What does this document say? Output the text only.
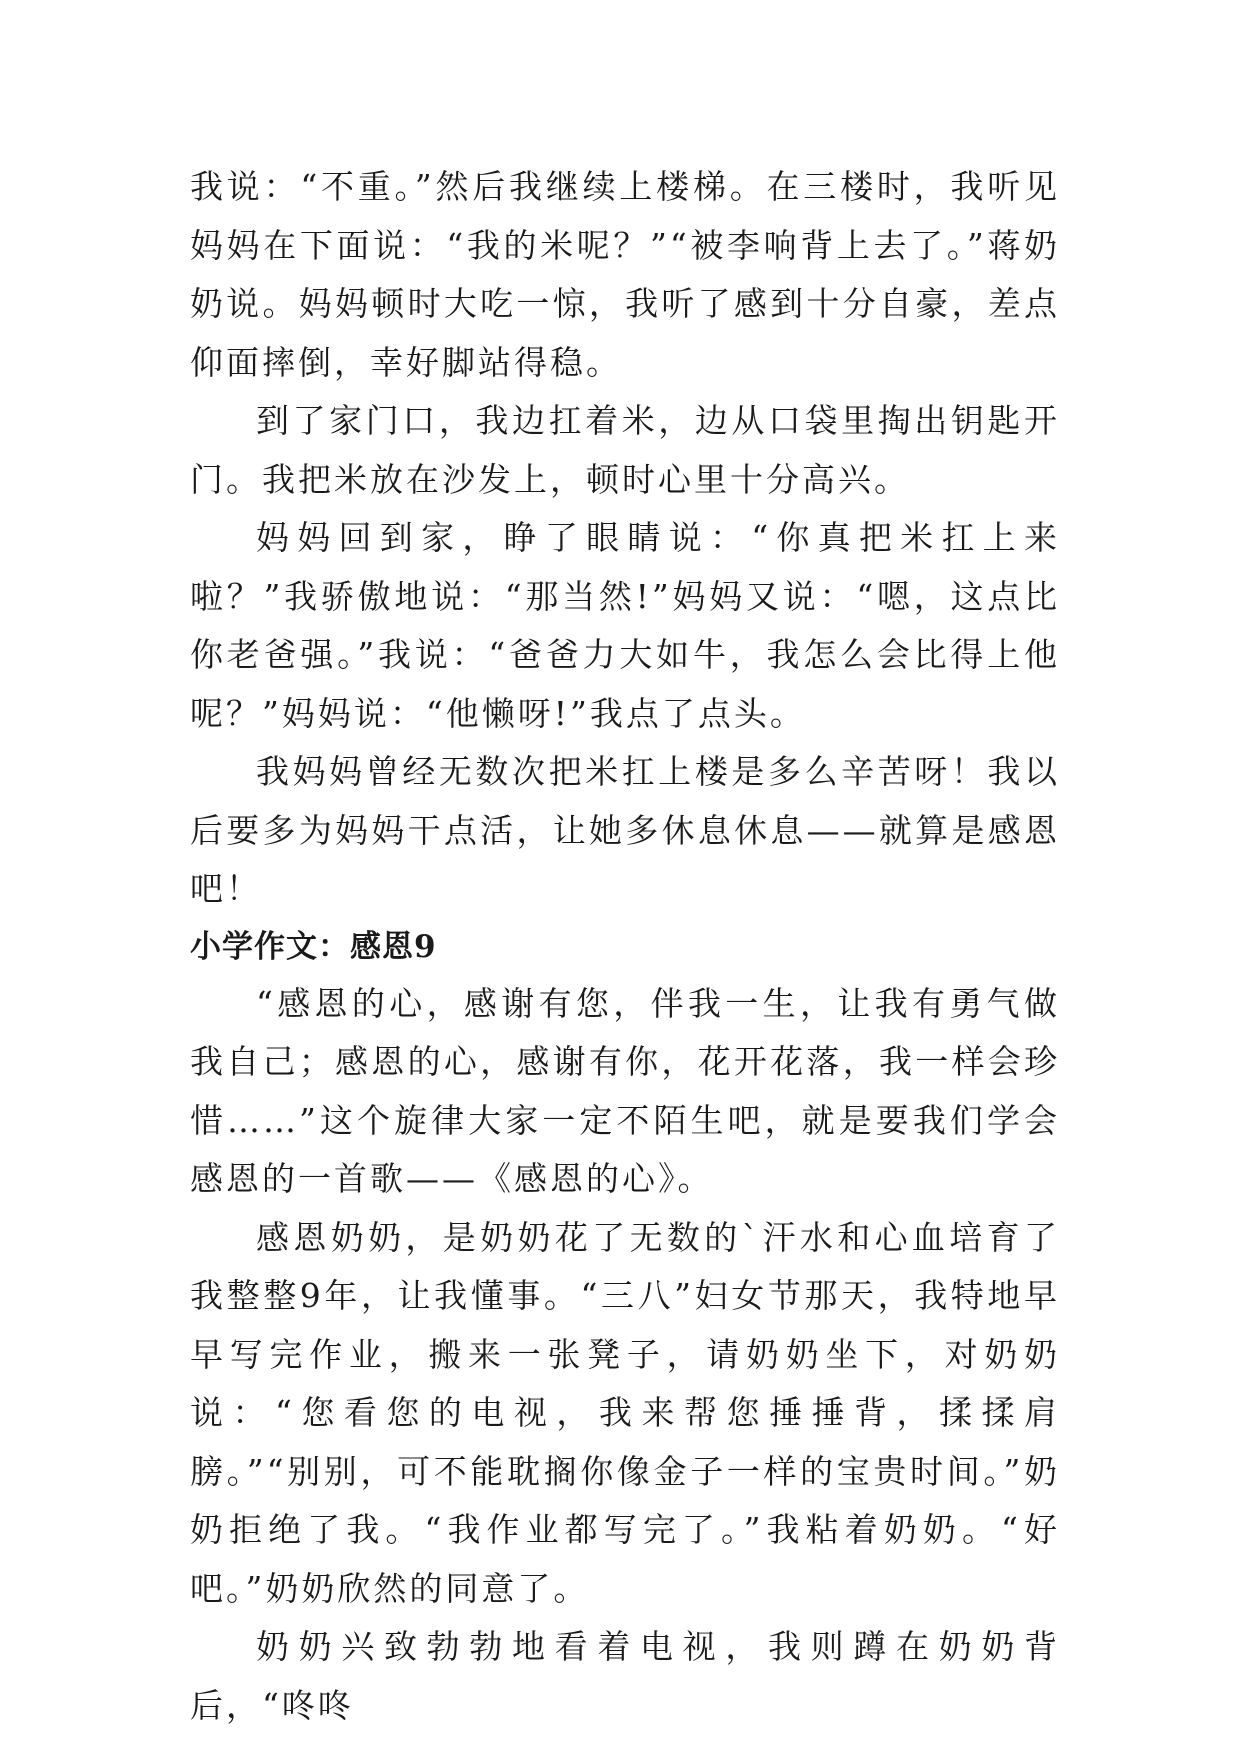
我说：“不重。”然后我继续上楼梯。在三楼时，我听见妈妈在下面说：“我的米呢？”“被李响背上去了。”蒋奶奶说。妈妈顿时大吃一惊，我听了感到十分自豪，差点仰面摔倒，幸好脚站得稳。

到了家门口，我边扛着米，边从口袋里掏出钥匙开门。我把米放在沙发上，顿时心里十分高兴。

妈妈回到家，睁了眼睛说：“你真把米扛上来啦？”我骄傲地说：“那当然!”妈妈又说：“嗯，这点比你老爸强。”我说：“爸爸力大如牛，我怎么会比得上他呢？”妈妈说：“他懒呀!”我点了点头。

我妈妈曾经无数次把米扛上楼是多么辛苦呀！我以后要多为妈妈干点活，让她多休息休息——就算是感恩吧！

小学作文：感恩9

“感恩的心，感谢有您，伴我一生，让我有勇气做我自己；感恩的心，感谢有你，花开花落，我一样会珍惜……”这个旋律大家一定不陌生吧，就是要我们学会感恩的一首歌——《感恩的心》。

感恩奶奶，是奶奶花了无数的`汗水和心血培育了我整整9年，让我懂事。“三八”妇女节那天，我特地早早写完作业，搬来一张凳子，请奶奶坐下，对奶奶说：“您看您的电视，我来帮您捶捶背，揉揉肩膀。”“别别，可不能耽搁你像金子一样的宝贵时间。”奶奶拒绝了我。“我作业都写完了。”我粘着奶奶。“好吧。”奶奶欣然的同意了。

奶奶兴致勃勃地看着电视，我则蹲在奶奶背后，“咚咚
